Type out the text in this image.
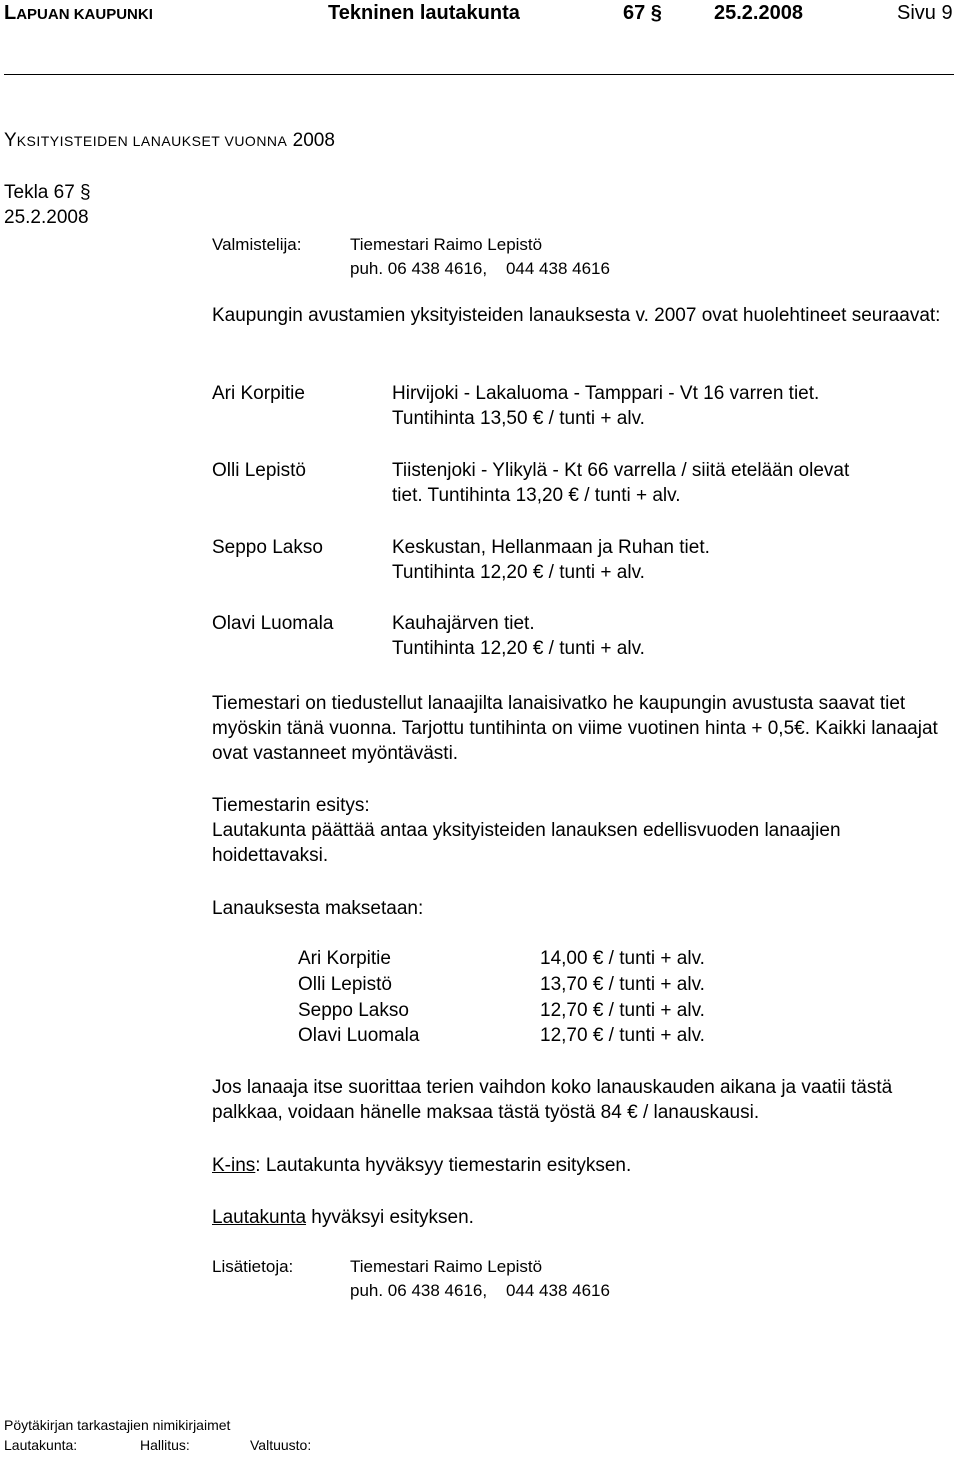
LAPUAN KAUPUNKI	Tekninen lautakunta	67 §	25.2.2008	Sivu 9
YKSITYISTEIDEN LANAUKSET VUONNA 2008
Tekla 67 §
25.2.2008
Valmistelija:	Tiemestari Raimo Lepistö
puh. 06 438 4616,    044 438 4616
Kaupungin avustamien yksityisteiden lanauksesta v. 2007 ovat huolehtineet seuraavat:
Ari Korpitie	Hirvijoki - Lakaluoma - Tamppari - Vt 16 varren tiet.
Tuntihinta 13,50 € / tunti + alv.
Olli Lepistö	Tiistenjoki - Ylikylä - Kt 66 varrella / siitä etelään olevat
tiet. Tuntihinta 13,20 € / tunti + alv.
Seppo Lakso	Keskustan, Hellanmaan ja Ruhan tiet.
Tuntihinta 12,20 € / tunti + alv.
Olavi Luomala	Kauhajärven tiet.
Tuntihinta 12,20 € / tunti + alv.
Tiemestari on tiedustellut lanaajilta lanaisivatko he kaupungin avustusta saavat tiet myöskin tänä vuonna. Tarjottu tuntihinta on viime vuotinen hinta + 0,5€. Kaikki lanaajat ovat vastanneet myöntävästi.
Tiemestarin esitys:
Lautakunta päättää antaa yksityisteiden lanauksen edellisvuoden lanaajien hoidettavaksi.
Lanauksesta maksetaan:
Ari Korpitie	14,00 € / tunti + alv.
Olli Lepistö	13,70 € / tunti + alv.
Seppo Lakso	12,70 € / tunti + alv.
Olavi Luomala	12,70 € / tunti + alv.
Jos lanaaja itse suorittaa terien vaihdon koko lanauskauden aikana ja vaatii tästä palkkaa, voidaan hänelle maksaa tästä työstä 84 € / lanauskausi.
K-ins: Lautakunta hyväksyy tiemestarin esityksen.
Lautakunta hyväksyi esityksen.
Lisätietoja:	Tiemestari Raimo Lepistö
puh. 06 438 4616,    044 438 4616
Pöytäkirjan tarkastajien nimikirjaimet
Lautakunta:	Hallitus:	Valtuusto:
